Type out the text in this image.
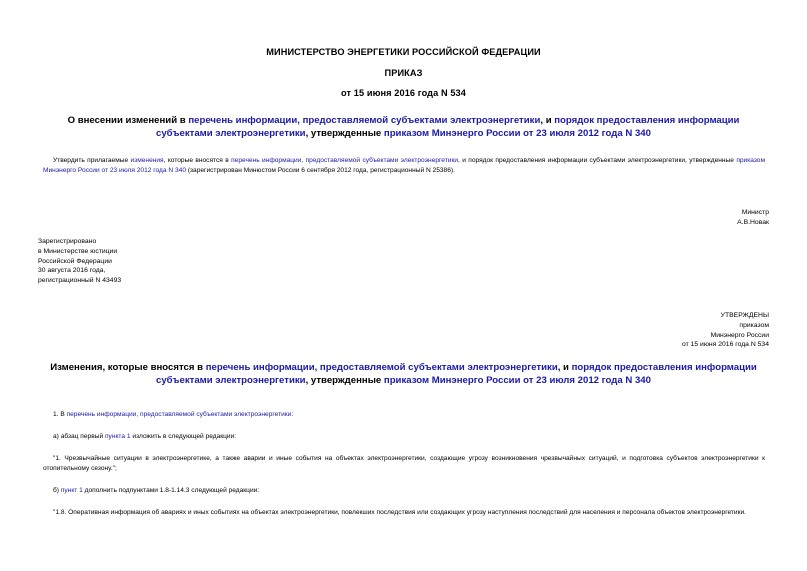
МИНИСТЕРСТВО ЭНЕРГЕТИКИ РОССИЙСКОЙ ФЕДЕРАЦИИ
ПРИКАЗ
от 15 июня 2016 года N 534
О внесении изменений в перечень информации, предоставляемой субъектами электроэнергетики, и порядок предоставления информации субъектами электроэнергетики, утвержденные приказом Минэнерго России от 23 июля 2012 года N 340
Утвердить прилагаемые изменения, которые вносятся в перечень информации, предоставляемой субъектами электроэнергетики, и порядок предоставления информации субъектами электроэнергетики, утвержденные приказом Минэнерго России от 23 июля 2012 года N 340 (зарегистрирован Минюстом России 6 сентября 2012 года, регистрационный N 25386).
Министр
А.В.Новак
Зарегистрировано
в Министерстве юстиции
Российской Федерации
30 августа 2016 года,
регистрационный N 43493
УТВЕРЖДЕНЫ
приказом
Минэнерго России
от 15 июня 2016 года N 534
Изменения, которые вносятся в перечень информации, предоставляемой субъектами электроэнергетики, и порядок предоставления информации субъектами электроэнергетики, утвержденные приказом Минэнерго России от 23 июля 2012 года N 340
1. В перечень информации, предоставляемой субъектами электроэнергетики:
а) абзац первый пункта 1 изложить в следующей редакции:
"1. Чрезвычайные ситуации в электроэнергетике, а также аварии и иные события на объектах электроэнергетики, создающие угрозу возникновения чрезвычайных ситуаций, и подготовка субъектов электроэнергетики к отопительному сезону.";
б) пункт 1 дополнить подпунктами 1.8-1.14.3 следующей редакции:
"1.8. Оперативная информация об авариях и иных событиях на объектах электроэнергетики, повлекших последствия или создающих угрозу наступления последствий для населения и персонала объектов электроэнергетики.
